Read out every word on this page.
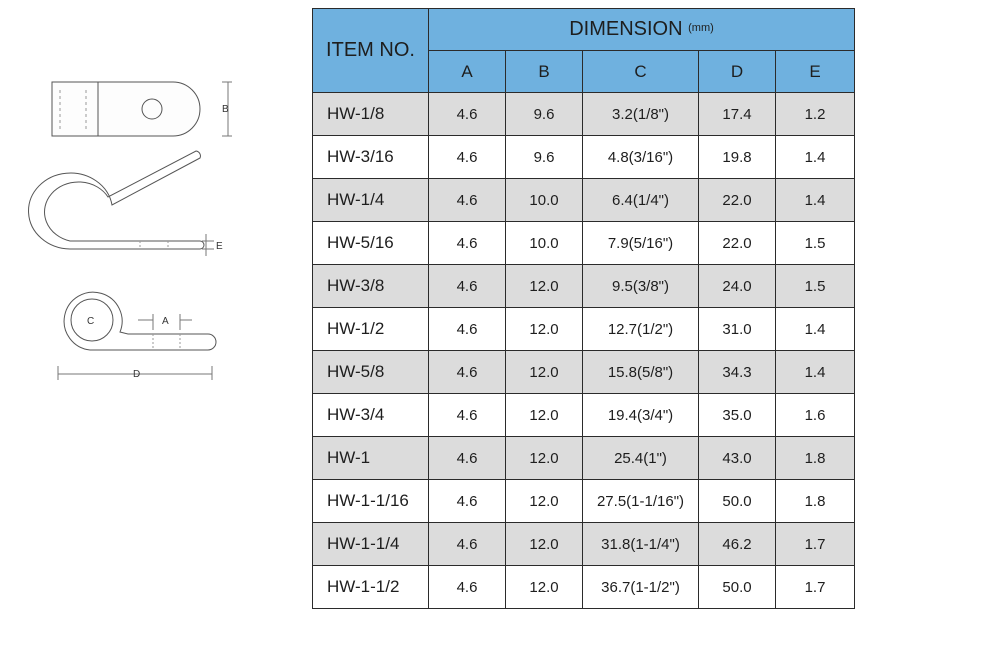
B
E
C	A
D
ITEM NO.	DIMENSION $^{(mm)}$
	A	B	C	D	E
HW-1/8	4.6	9.6	3.2(1/8")	17.4	1.2
HW-3/16	4.6	9.6	4.8(3/16")	19.8	1.4
HW-1/4	4.6	10.0	6.4(1/4")	22.0	1.4
HW-5/16	4.6	10.0	7.9(5/16")	22.0	1.5
HW-3/8	4.6	12.0	9.5(3/8")	24.0	1.5
HW-1/2	4.6	12.0	12.7(1/2")	31.0	1.4
HW-5/8	4.6	12.0	15.8(5/8")	34.3	1.4
HW-3/4	4.6	12.0	19.4(3/4")	35.0	1.6
HW-1	4.6	12.0	25.4(1")	43.0	1.8
HW-1-1/16	4.6	12.0	27.5(1-1/16")	50.0	1.8
HW-1-1/4	4.6	12.0	31.8(1-1/4")	46.2	1.7
HW-1-1/2	4.6	12.0	36.7(1-1/2")	50.0	1.7
